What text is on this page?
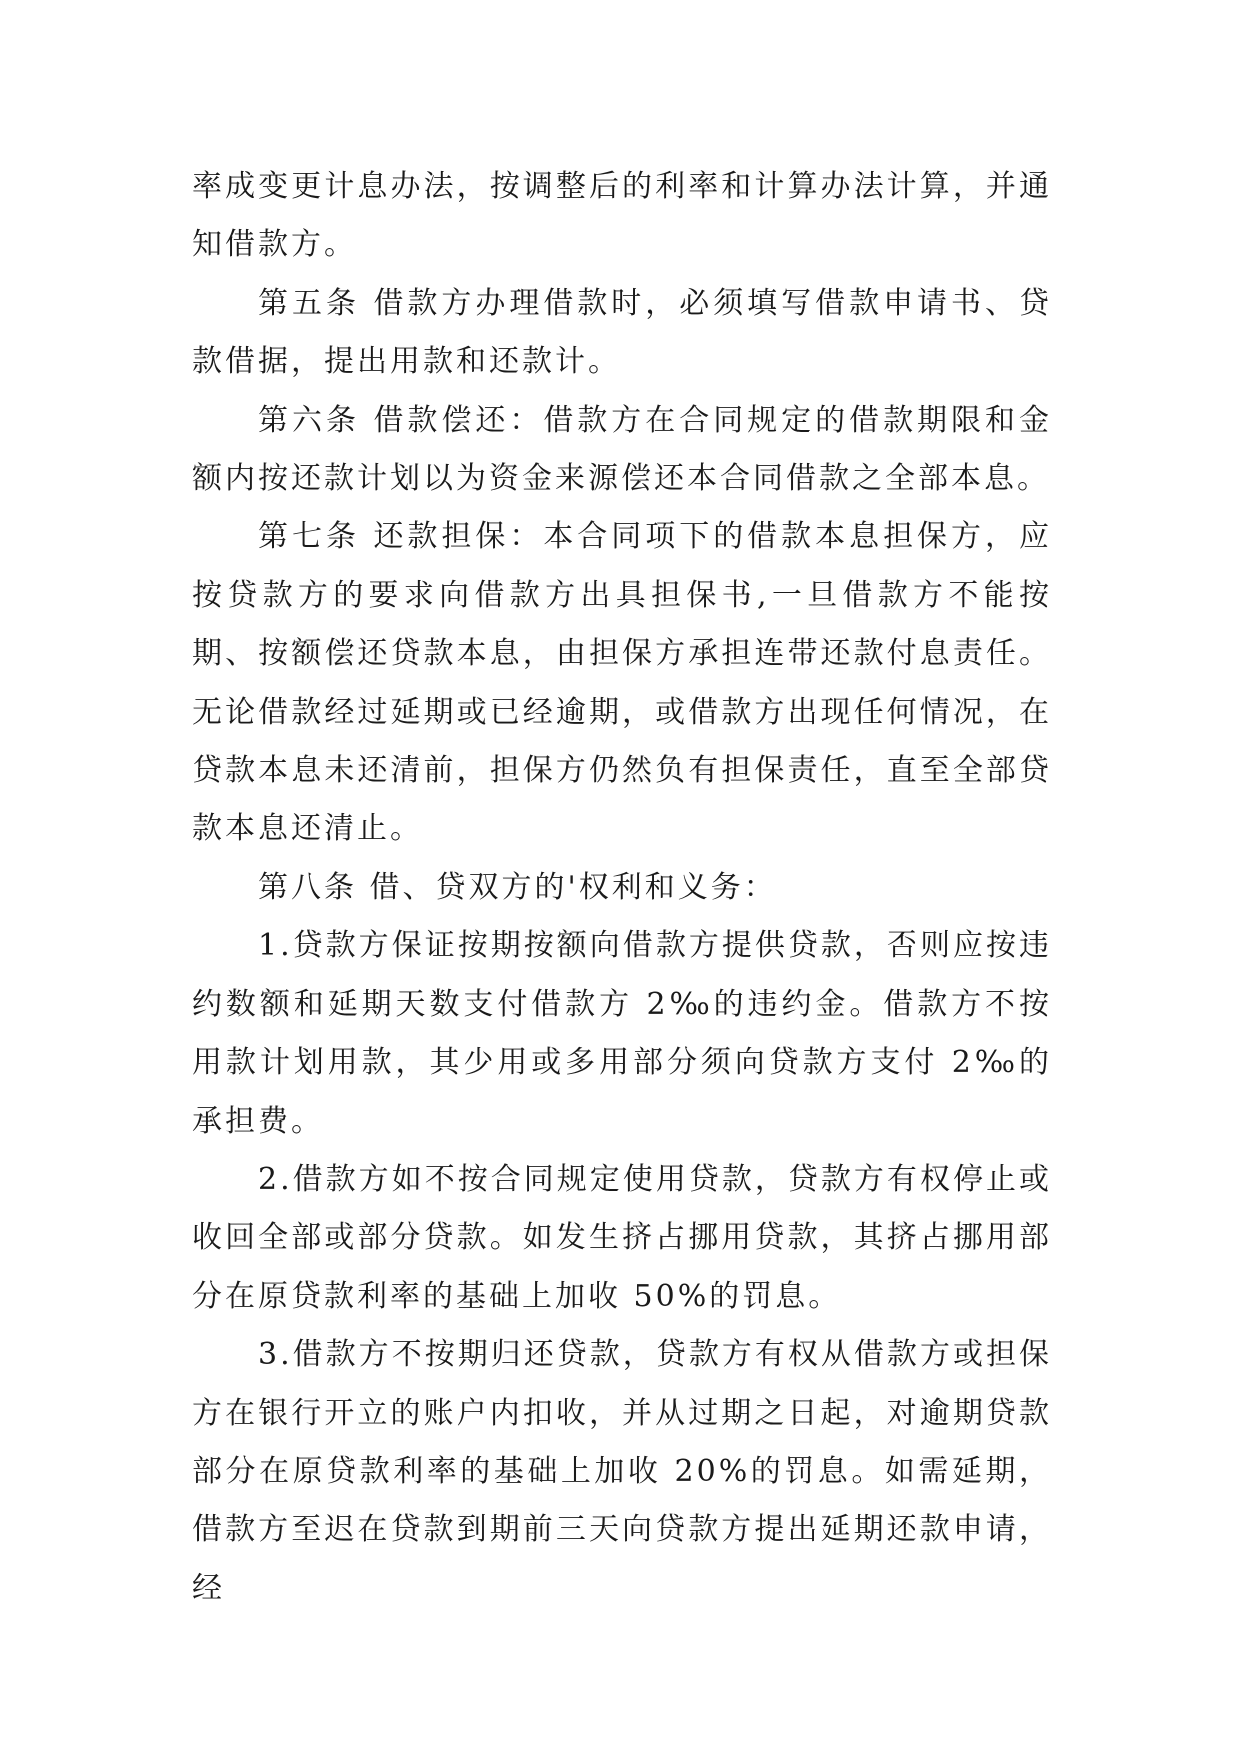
率成变更计息办法，按调整后的利率和计算办法计算，并通知借款方。

第五条 借款方办理借款时，必须填写借款申请书、贷款借据，提出用款和还款计。

第六条 借款偿还：借款方在合同规定的借款期限和金额内按还款计划以为资金来源偿还本合同借款之全部本息。

第七条 还款担保：本合同项下的借款本息担保方，应按贷款方的要求向借款方出具担保书,一旦借款方不能按期、按额偿还贷款本息，由担保方承担连带还款付息责任。无论借款经过延期或已经逾期，或借款方出现任何情况，在贷款本息未还清前，担保方仍然负有担保责任，直至全部贷款本息还清止。

第八条 借、贷双方的'权利和义务：

1.贷款方保证按期按额向借款方提供贷款，否则应按违约数额和延期天数支付借款方 2‰的违约金。借款方不按用款计划用款，其少用或多用部分须向贷款方支付 2‰的承担费。

2.借款方如不按合同规定使用贷款，贷款方有权停止或收回全部或部分贷款。如发生挤占挪用贷款，其挤占挪用部分在原贷款利率的基础上加收 50%的罚息。

3.借款方不按期归还贷款，贷款方有权从借款方或担保方在银行开立的账户内扣收，并从过期之日起，对逾期贷款部分在原贷款利率的基础上加收 20%的罚息。如需延期，借款方至迟在贷款到期前三天向贷款方提出延期还款申请，经
